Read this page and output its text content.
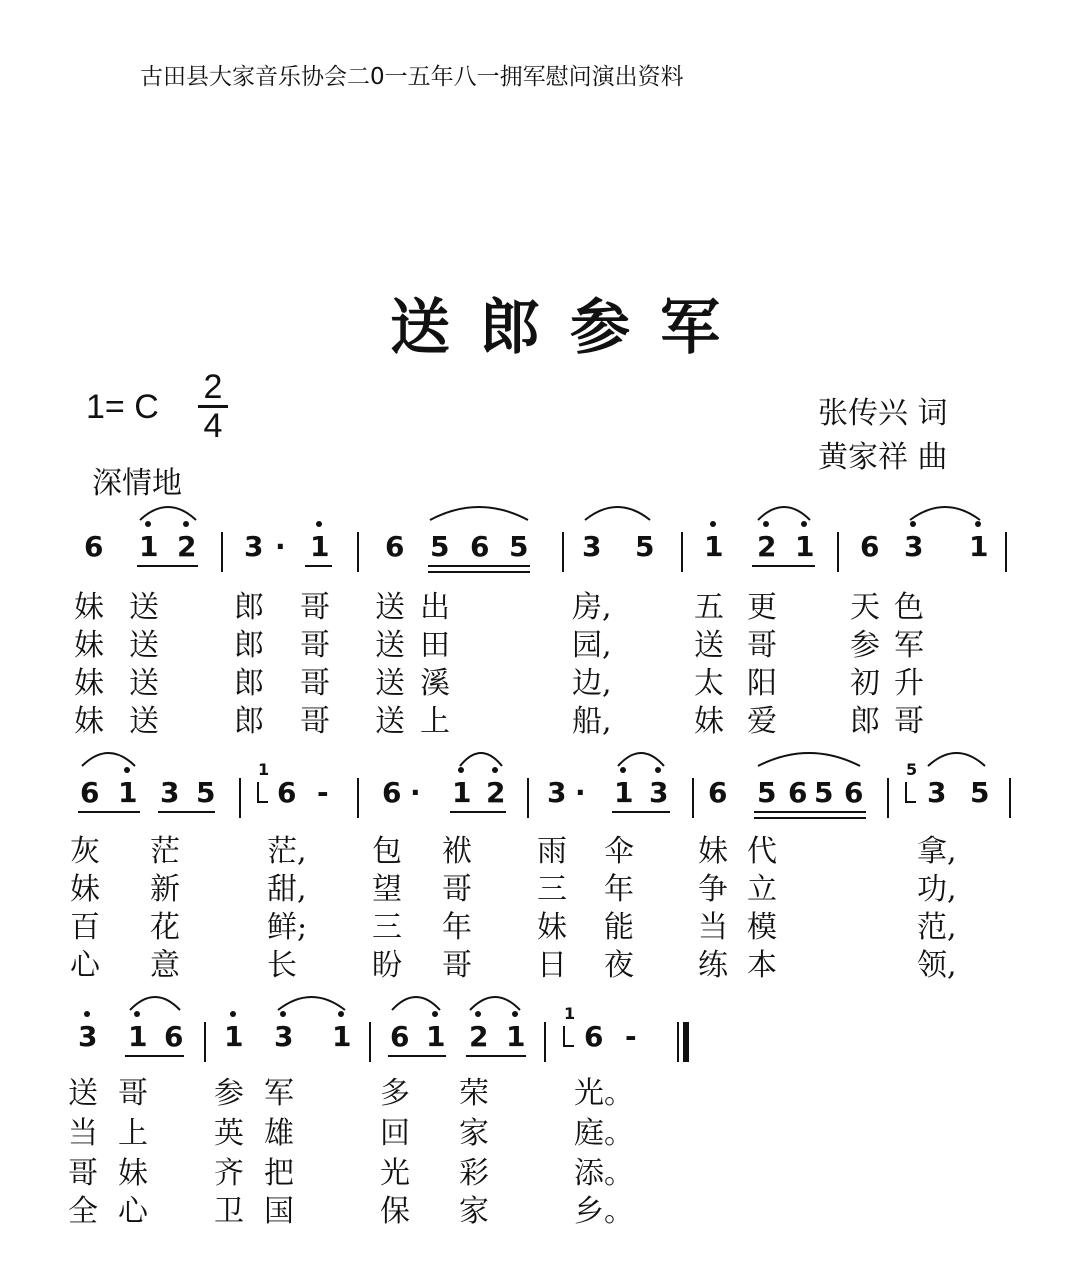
古田县大家音乐协会二0一五年八一拥军慰问演出资料
送郎参军
1= C
2
4
深情地
张传兴 词
黄家祥 曲
6 1 2 3 · 1 6 5 6 5 3 5 1 2 1 6 3 1
妹 送	郎 哥 送 出	房,	五 更 天 色
妹 送	郎 哥 送 田	园,	送 哥 参 军
妹 送	郎 哥 送 溪	边,	太 阳 初 升
妹 送	郎 哥 送 上	船,	妹 爱 郎 哥
6 1 3 5 6 - 6 · 1 2 3 · 1 3 6 5 6 5 6 3 5
1	5
灰 茫	茫, 包 袱 雨 伞 妹 代	拿,
妹 新	甜, 望 哥 三 年 争 立	功,
百 花	鲜; 三 年 妹 能 当 模	范,
心 意	长	盼 哥 日 夜 练 本	领,
3 1 6 1 3 1 6 1 2 1 6 -
1
送 哥 参 军	多 荣	光。
当 上 英 雄	回 家	庭。
哥 妹 齐 把	光 彩	添。
全 心 卫 国	保 家	乡。
